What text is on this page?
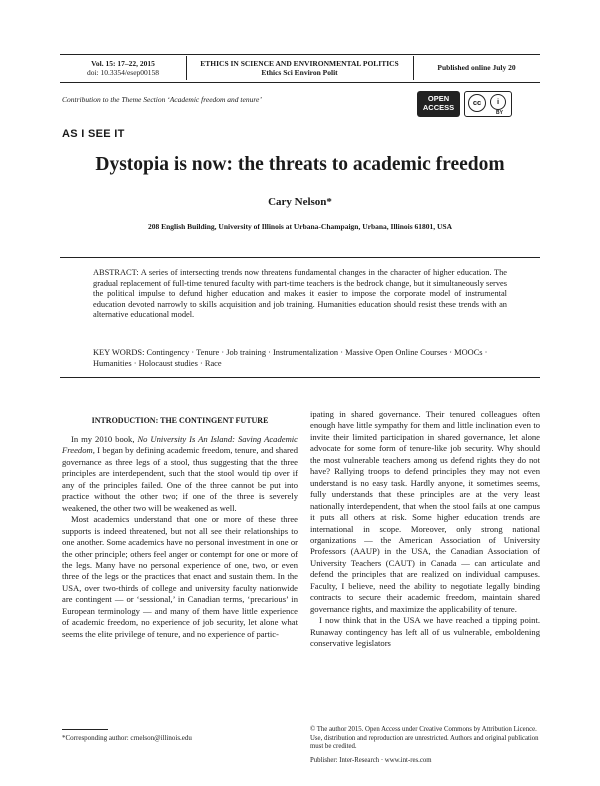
Vol. 15: 17–22, 2015
doi: 10.3354/esep00158
ETHICS IN SCIENCE AND ENVIRONMENTAL POLITICS
Ethics Sci Environ Polit
Published online July 20
Contribution to the Theme Section ‘Academic freedom and tenure’	OPEN
ACCESS
cc	i
BY
AS I SEE IT
Dystopia is now: the threats to academic freedom
Cary Nelson*
208 English Building, University of Illinois at Urbana-Champaign, Urbana, Illinois 61801, USA
ABSTRACT: A series of intersecting trends now threatens fundamental changes in the character of higher education. The gradual replacement of full-time tenured faculty with part-time teachers is the bedrock change, but it simultaneously serves the political impulse to defund higher education and makes it easier to impose the corporate model of instrumental education devoted narrowly to skills acquisition and job training. Humanities education should resist these trends with an alternative educational model.
KEY WORDS: Contingency · Tenure · Job training · Instrumentalization · Massive Open Online Courses · MOOCs · Humanities · Holocaust studies · Race
INTRODUCTION: THE CONTINGENT FUTURE

In my 2010 book, No University Is An Island: Saving Academic Freedom, I began by defining academic freedom, tenure, and shared governance as three legs of a stool, thus suggesting that the three principles are interdependent, such that the stool would tip over if any of the principles failed. One of the three cannot be put into practice without the other two; if one of the three is severely weakened, the other two will be weakened as well.

Most academics understand that one or more of these three supports is indeed threatened, but not all see their relationships to one another. Some academics have no personal investment in one or the other principle; others feel anger or contempt for one or more of the legs. Many have no personal experience of one, two, or even three of the legs or the practices that enact and sustain them. In the USA, over two-thirds of college and university faculty nationwide are contingent — or ‘sessional,’ in Canadian terms, ‘precarious’ in European terminology — and many of them have little experience of academic freedom, no experience of job security, let alone what seems the elite privilege of tenure, and no experience of partic-

ipating in shared governance. Their tenured colleagues often enough have little sympathy for them and little inclination even to invite their limited participation in shared governance, let alone advocate for some form of tenure-like job security. Why should the most vulnerable teachers among us defend rights they do not have? Rallying troops to defend principles they may not even understand is no easy task. Hardly anyone, it sometimes seems, fully understands that these principles are at the very least nationally interdependent, that when the stool fails at one campus it puts all others at risk. Some higher education trends are international in scope. Moreover, only strong national organizations — the American Association of University Professors (AAUP) in the USA, the Canadian Association of University Teachers (CAUT) in Canada — can articulate and defend the principles that are realized on individual campuses. Faculty, I believe, need the ability to negotiate legally binding contracts to secure their academic freedom, maintain shared governance rights, and maximize the applicability of tenure.

I now think that in the USA we have reached a tipping point. Runaway contingency has left all of us vulnerable, emboldening conservative legislators

*Corresponding author: crnelson@illinois.edu
© The author 2015. Open Access under Creative Commons by Attribution Licence. Use, distribution and reproduction are unrestricted. Authors and original publication must be credited.
Publisher: Inter-Research · www.int-res.com
